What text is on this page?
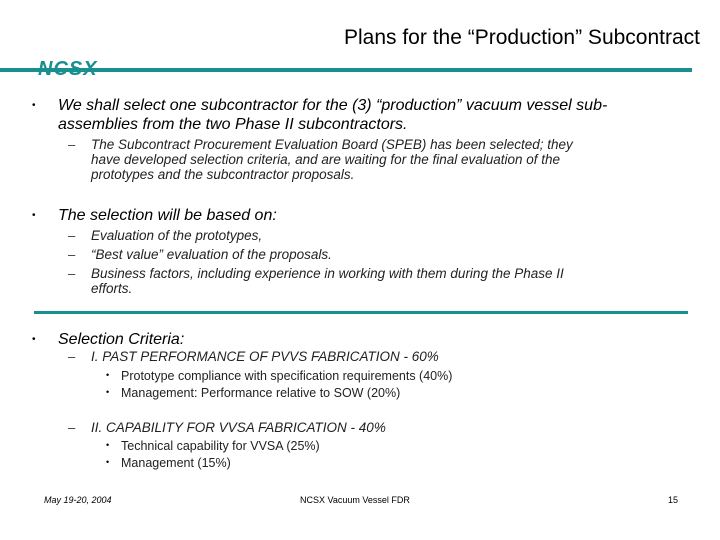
Plans for the “Production” Subcontract
NCSX
• We shall select one subcontractor for the (3) “production” vacuum vessel sub-
assemblies from the two Phase II subcontractors.
– The Subcontract Procurement Evaluation Board (SPEB) has been selected; they
have developed selection criteria, and are waiting for the final evaluation of the
prototypes and the subcontractor proposals.
• The selection will be based on:
– Evaluation of the prototypes,
– “Best value” evaluation of the proposals.
– Business factors, including experience in working with them during the Phase II
efforts.
• Selection Criteria:
– I. PAST PERFORMANCE OF PVVS FABRICATION - 60%
• Prototype compliance with specification requirements (40%)
• Management: Performance relative to SOW (20%)
– II. CAPABILITY FOR VVSA FABRICATION - 40%
• Technical capability for VVSA (25%)
• Management (15%)
May 19-20, 2004	NCSX Vacuum Vessel FDR	15
